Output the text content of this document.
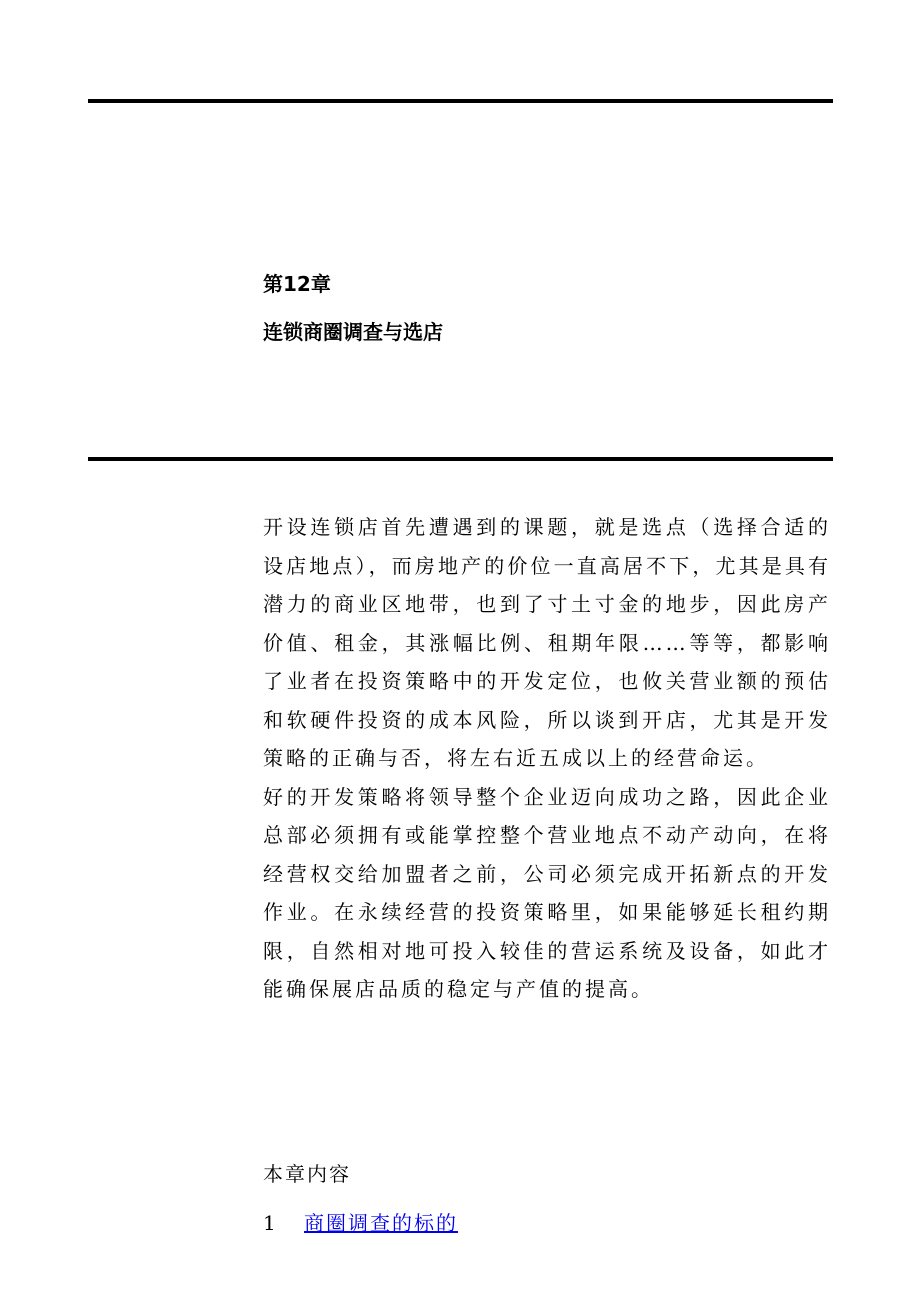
第12章
连锁商圈调查与选店

开设连锁店首先遭遇到的课题，就是选点（选择合适的设店地点），而房地产的价位一直高居不下，尤其是具有潜力的商业区地带，也到了寸土寸金的地步，因此房产价值、租金，其涨幅比例、租期年限……等等，都影响了业者在投资策略中的开发定位，也攸关营业额的预估和软硬件投资的成本风险，所以谈到开店，尤其是开发策略的正确与否，将左右近五成以上的经营命运。

好的开发策略将领导整个企业迈向成功之路，因此企业总部必须拥有或能掌控整个营业地点不动产动向，在将经营权交给加盟者之前，公司必须完成开拓新点的开发作业。在永续经营的投资策略里，如果能够延长租约期限，自然相对地可投入较佳的营运系统及设备，如此才能确保展店品质的稳定与产值的提高。

本章内容
1 商圈调查的标的
